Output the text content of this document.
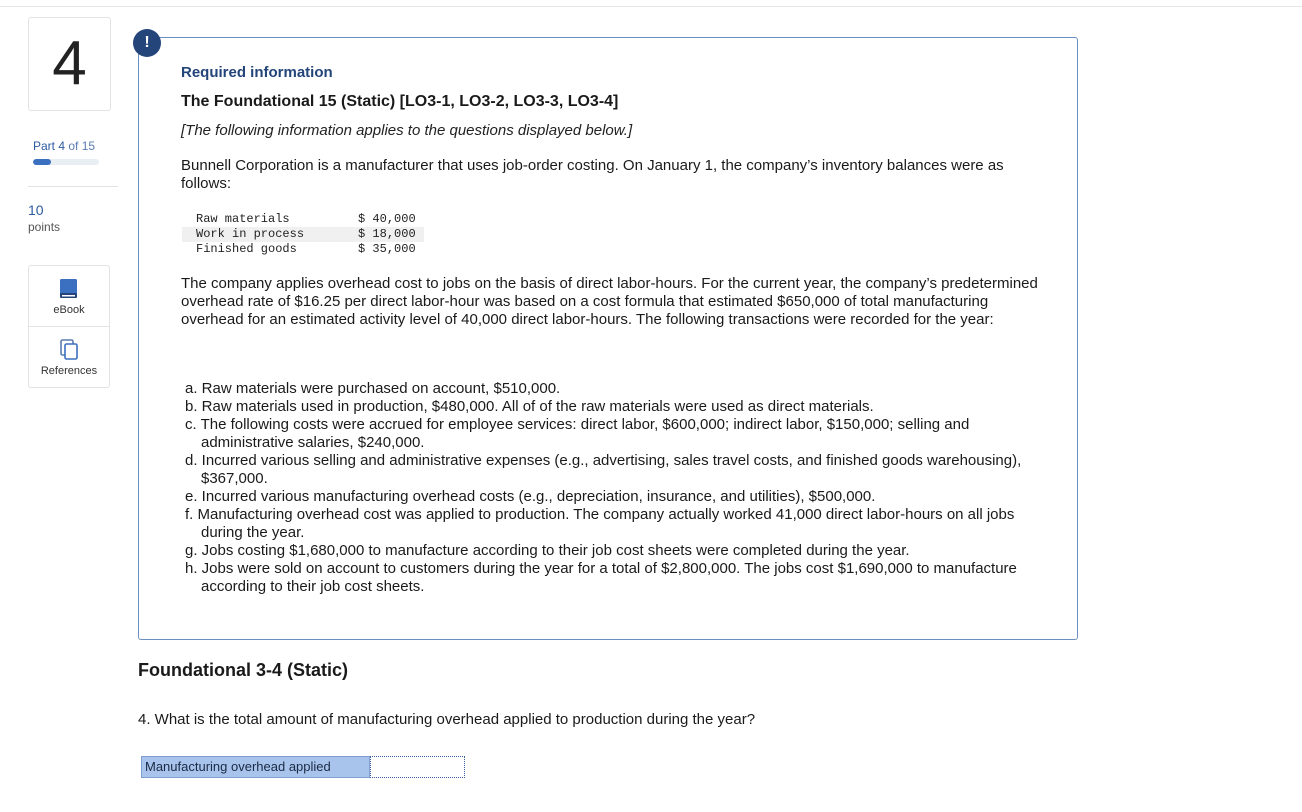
4
Part 4 of 15
10
points
eBook
References
!
Required information
The Foundational 15 (Static) [LO3-1, LO3-2, LO3-3, LO3-4]
[The following information applies to the questions displayed below.]
Bunnell Corporation is a manufacturer that uses job-order costing. On January 1, the company’s inventory balances were as follows:
Raw materials	$ 40,000
Work in process	$ 18,000
Finished goods	$ 35,000
The company applies overhead cost to jobs on the basis of direct labor-hours. For the current year, the company’s predetermined overhead rate of $16.25 per direct labor-hour was based on a cost formula that estimated $650,000 of total manufacturing overhead for an estimated activity level of 40,000 direct labor-hours. The following transactions were recorded for the year:
a. Raw materials were purchased on account, $510,000.
b. Raw materials used in production, $480,000. All of of the raw materials were used as direct materials.
c. The following costs were accrued for employee services: direct labor, $600,000; indirect labor, $150,000; selling and administrative salaries, $240,000.
d. Incurred various selling and administrative expenses (e.g., advertising, sales travel costs, and finished goods warehousing), $367,000.
e. Incurred various manufacturing overhead costs (e.g., depreciation, insurance, and utilities), $500,000.
f. Manufacturing overhead cost was applied to production. The company actually worked 41,000 direct labor-hours on all jobs during the year.
g. Jobs costing $1,680,000 to manufacture according to their job cost sheets were completed during the year.
h. Jobs were sold on account to customers during the year for a total of $2,800,000. The jobs cost $1,690,000 to manufacture according to their job cost sheets.
Foundational 3-4 (Static)
4. What is the total amount of manufacturing overhead applied to production during the year?
Manufacturing overhead applied
